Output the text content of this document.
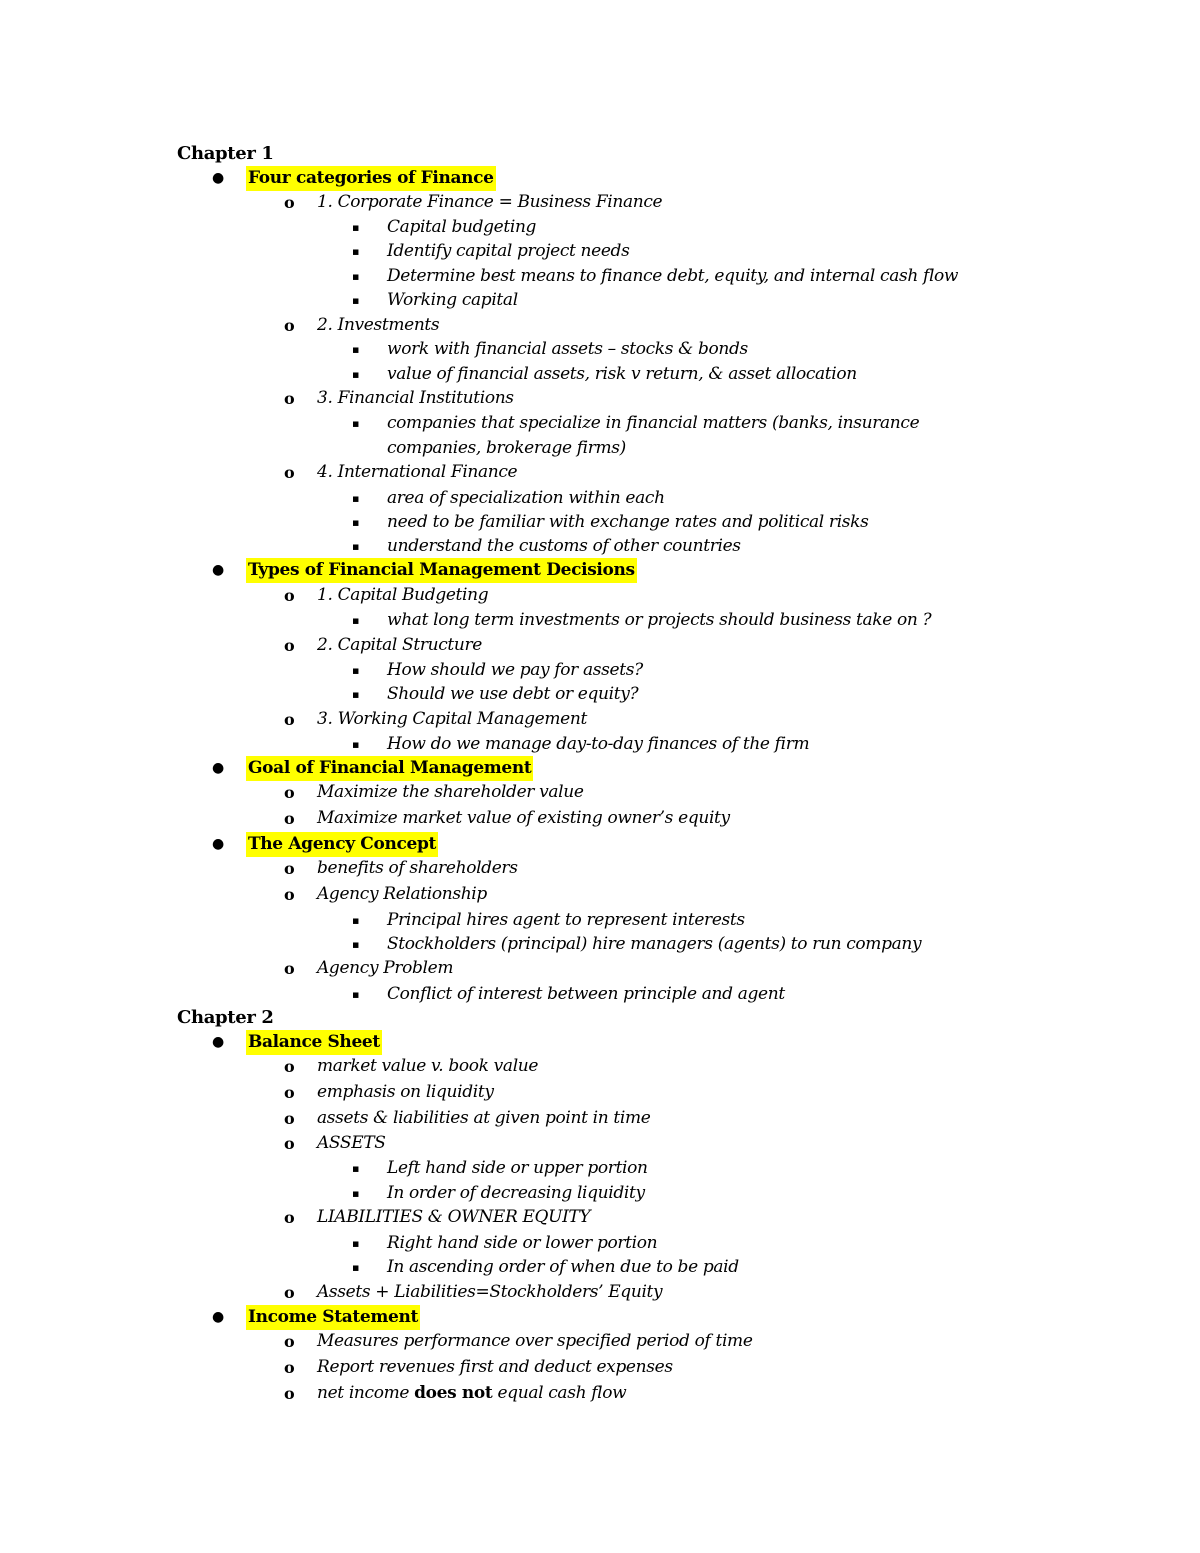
Chapter 1
● Four categories of Finance
o 1. Corporate Finance = Business Finance
▪ Capital budgeting
▪ Identify capital project needs
▪ Determine best means to finance debt, equity, and internal cash flow
▪ Working capital
o 2. Investments
▪ work with financial assets – stocks & bonds
▪ value of financial assets, risk v return, & asset allocation
o 3. Financial Institutions
▪ companies that specialize in financial matters (banks, insurance companies, brokerage firms)
o 4. International Finance
▪ area of specialization within each
▪ need to be familiar with exchange rates and political risks
▪ understand the customs of other countries
● Types of Financial Management Decisions
o 1. Capital Budgeting
▪ what long term investments or projects should business take on ?
o 2. Capital Structure
▪ How should we pay for assets?
▪ Should we use debt or equity?
o 3. Working Capital Management
▪ How do we manage day-to-day finances of the firm
● Goal of Financial Management
o Maximize the shareholder value
o Maximize market value of existing owner’s equity
● The Agency Concept
o benefits of shareholders
o Agency Relationship
▪ Principal hires agent to represent interests
▪ Stockholders (principal) hire managers (agents) to run company
o Agency Problem
▪ Conflict of interest between principle and agent
Chapter 2
● Balance Sheet
o market value v. book value
o emphasis on liquidity
o assets & liabilities at given point in time
o ASSETS
▪ Left hand side or upper portion
▪ In order of decreasing liquidity
o LIABILITIES & OWNER EQUITY
▪ Right hand side or lower portion
▪ In ascending order of when due to be paid
o Assets + Liabilities=Stockholders’ Equity
● Income Statement
o Measures performance over specified period of time
o Report revenues first and deduct expenses
o net income does not equal cash flow
